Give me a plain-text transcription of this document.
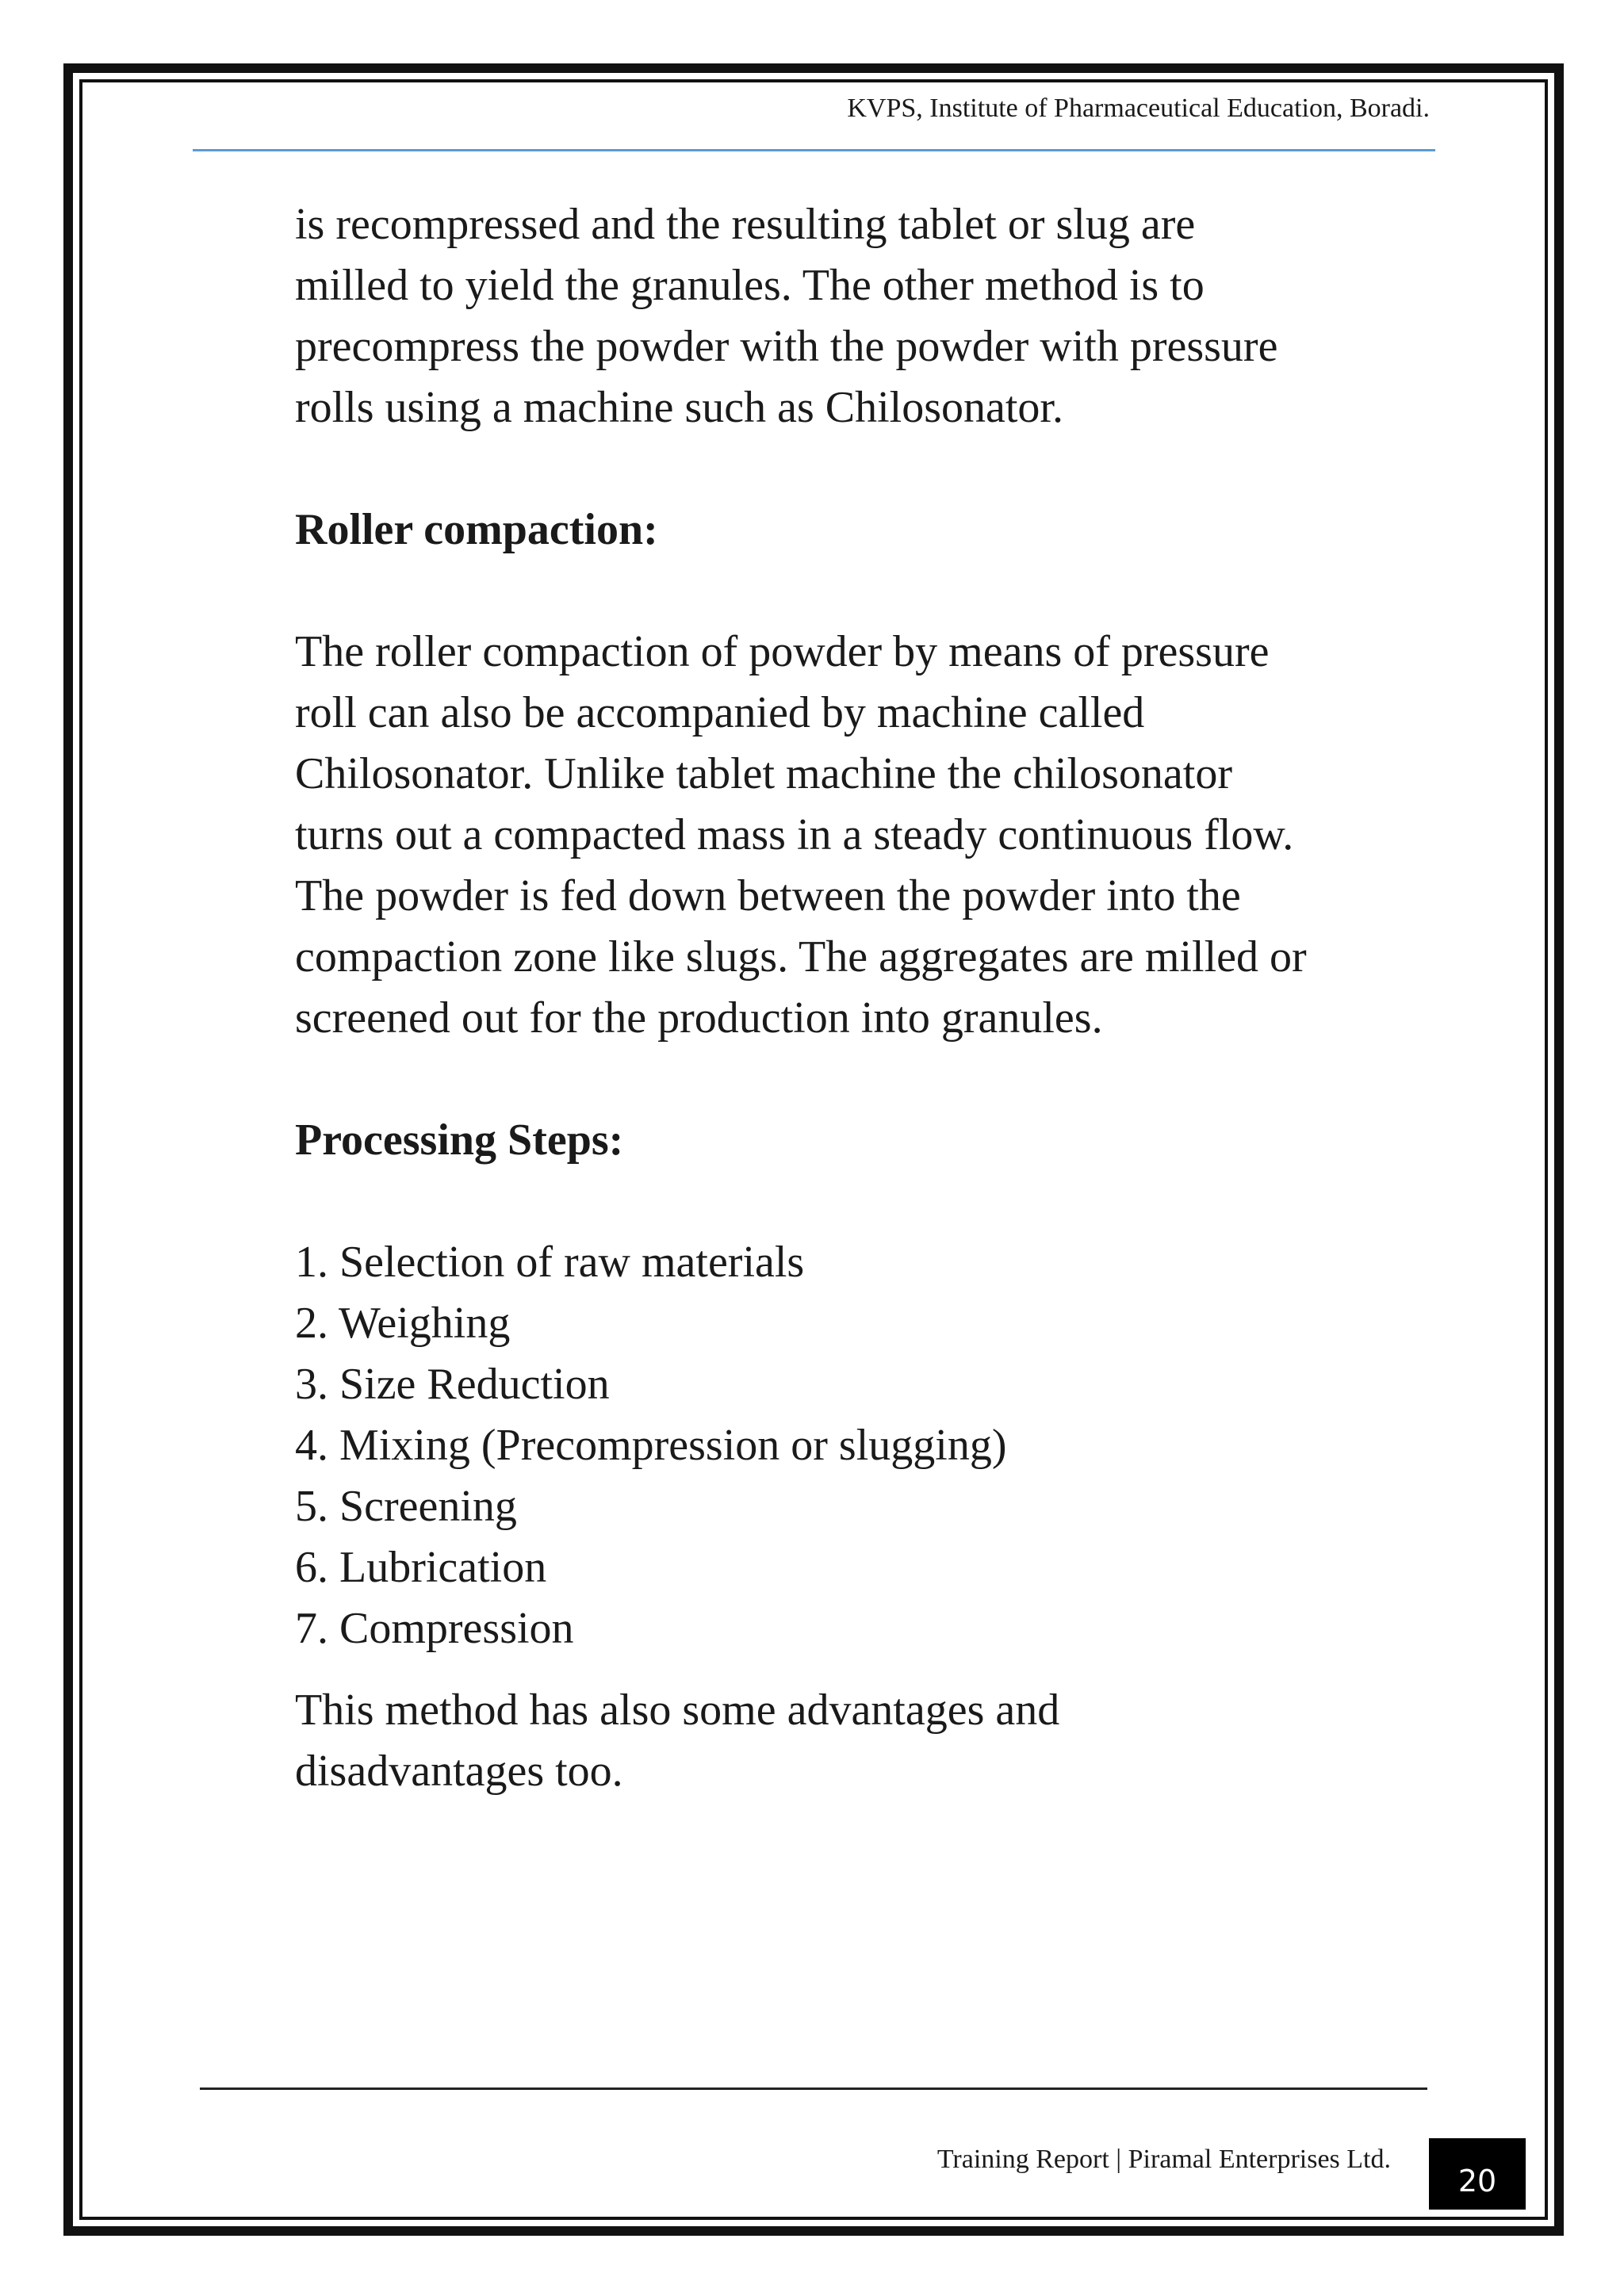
KVPS, Institute of Pharmaceutical Education, Boradi.

is recompressed and the resulting tablet or slug are

milled to yield the granules. The other method is to

precompress the powder with the powder with pressure

rolls using a machine such as Chilosonator.

Roller compaction:

The roller compaction of powder by means of pressure

roll can also be accompanied by machine called

Chilosonator. Unlike tablet machine the chilosonator

turns out a compacted mass in a steady continuous flow.

The powder is fed down between the powder into the

compaction zone like slugs. The aggregates are milled or

screened out for the production into granules.

Processing Steps:

1. Selection of raw materials
2. Weighing
3. Size Reduction
4. Mixing (Precompression or slugging)
5. Screening
6. Lubrication
7. Compression

This method has also some advantages and

disadvantages too.

Training Report | Piramal Enterprises Ltd.
20
